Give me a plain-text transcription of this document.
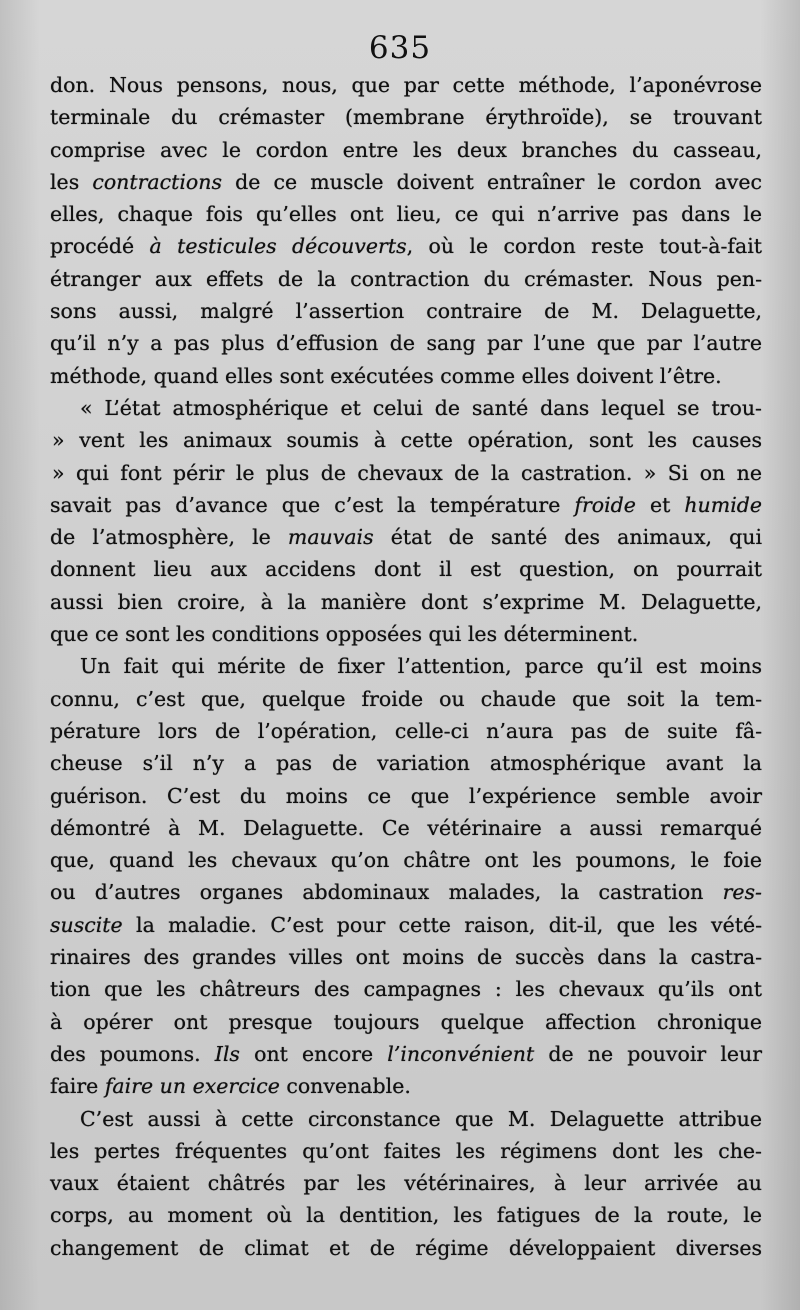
635
don. Nous pensons, nous, que par cette méthode, l’aponévrose
terminale du crémaster (membrane érythroïde), se trouvant
comprise avec le cordon entre les deux branches du casseau,
les contractions de ce muscle doivent entraîner le cordon avec
elles, chaque fois qu’elles ont lieu, ce qui n’arrive pas dans le
procédé à testicules découverts, où le cordon reste tout-à-fait
étranger aux effets de la contraction du crémaster. Nous pen-
sons aussi, malgré l’assertion contraire de M. Delaguette,
qu’il n’y a pas plus d’effusion de sang par l’une que par l’autre
méthode, quand elles sont exécutées comme elles doivent l’être.
« L’état atmosphérique et celui de santé dans lequel se trou-
» vent les animaux soumis à cette opération, sont les causes
» qui font périr le plus de chevaux de la castration. » Si on ne
savait pas d’avance que c’est la température froide et humide
de l’atmosphère, le mauvais état de santé des animaux, qui
donnent lieu aux accidens dont il est question, on pourrait
aussi bien croire, à la manière dont s’exprime M. Delaguette,
que ce sont les conditions opposées qui les déterminent.
Un fait qui mérite de fixer l’attention, parce qu’il est moins
connu, c’est que, quelque froide ou chaude que soit la tem-
pérature lors de l’opération, celle-ci n’aura pas de suite fâ-
cheuse s’il n’y a pas de variation atmosphérique avant la
guérison. C’est du moins ce que l’expérience semble avoir
démontré à M. Delaguette. Ce vétérinaire a aussi remarqué
que, quand les chevaux qu’on châtre ont les poumons, le foie
ou d’autres organes abdominaux malades, la castration res-
suscite la maladie. C’est pour cette raison, dit-il, que les vété-
rinaires des grandes villes ont moins de succès dans la castra-
tion que les châtreurs des campagnes : les chevaux qu’ils ont
à opérer ont presque toujours quelque affection chronique
des poumons. Ils ont encore l’inconvénient de ne pouvoir leur
faire faire un exercice convenable.
C’est aussi à cette circonstance que M. Delaguette attribue
les pertes fréquentes qu’ont faites les régimens dont les che-
vaux étaient châtrés par les vétérinaires, à leur arrivée au
corps, au moment où la dentition, les fatigues de la route, le
changement de climat et de régime développaient diverses
